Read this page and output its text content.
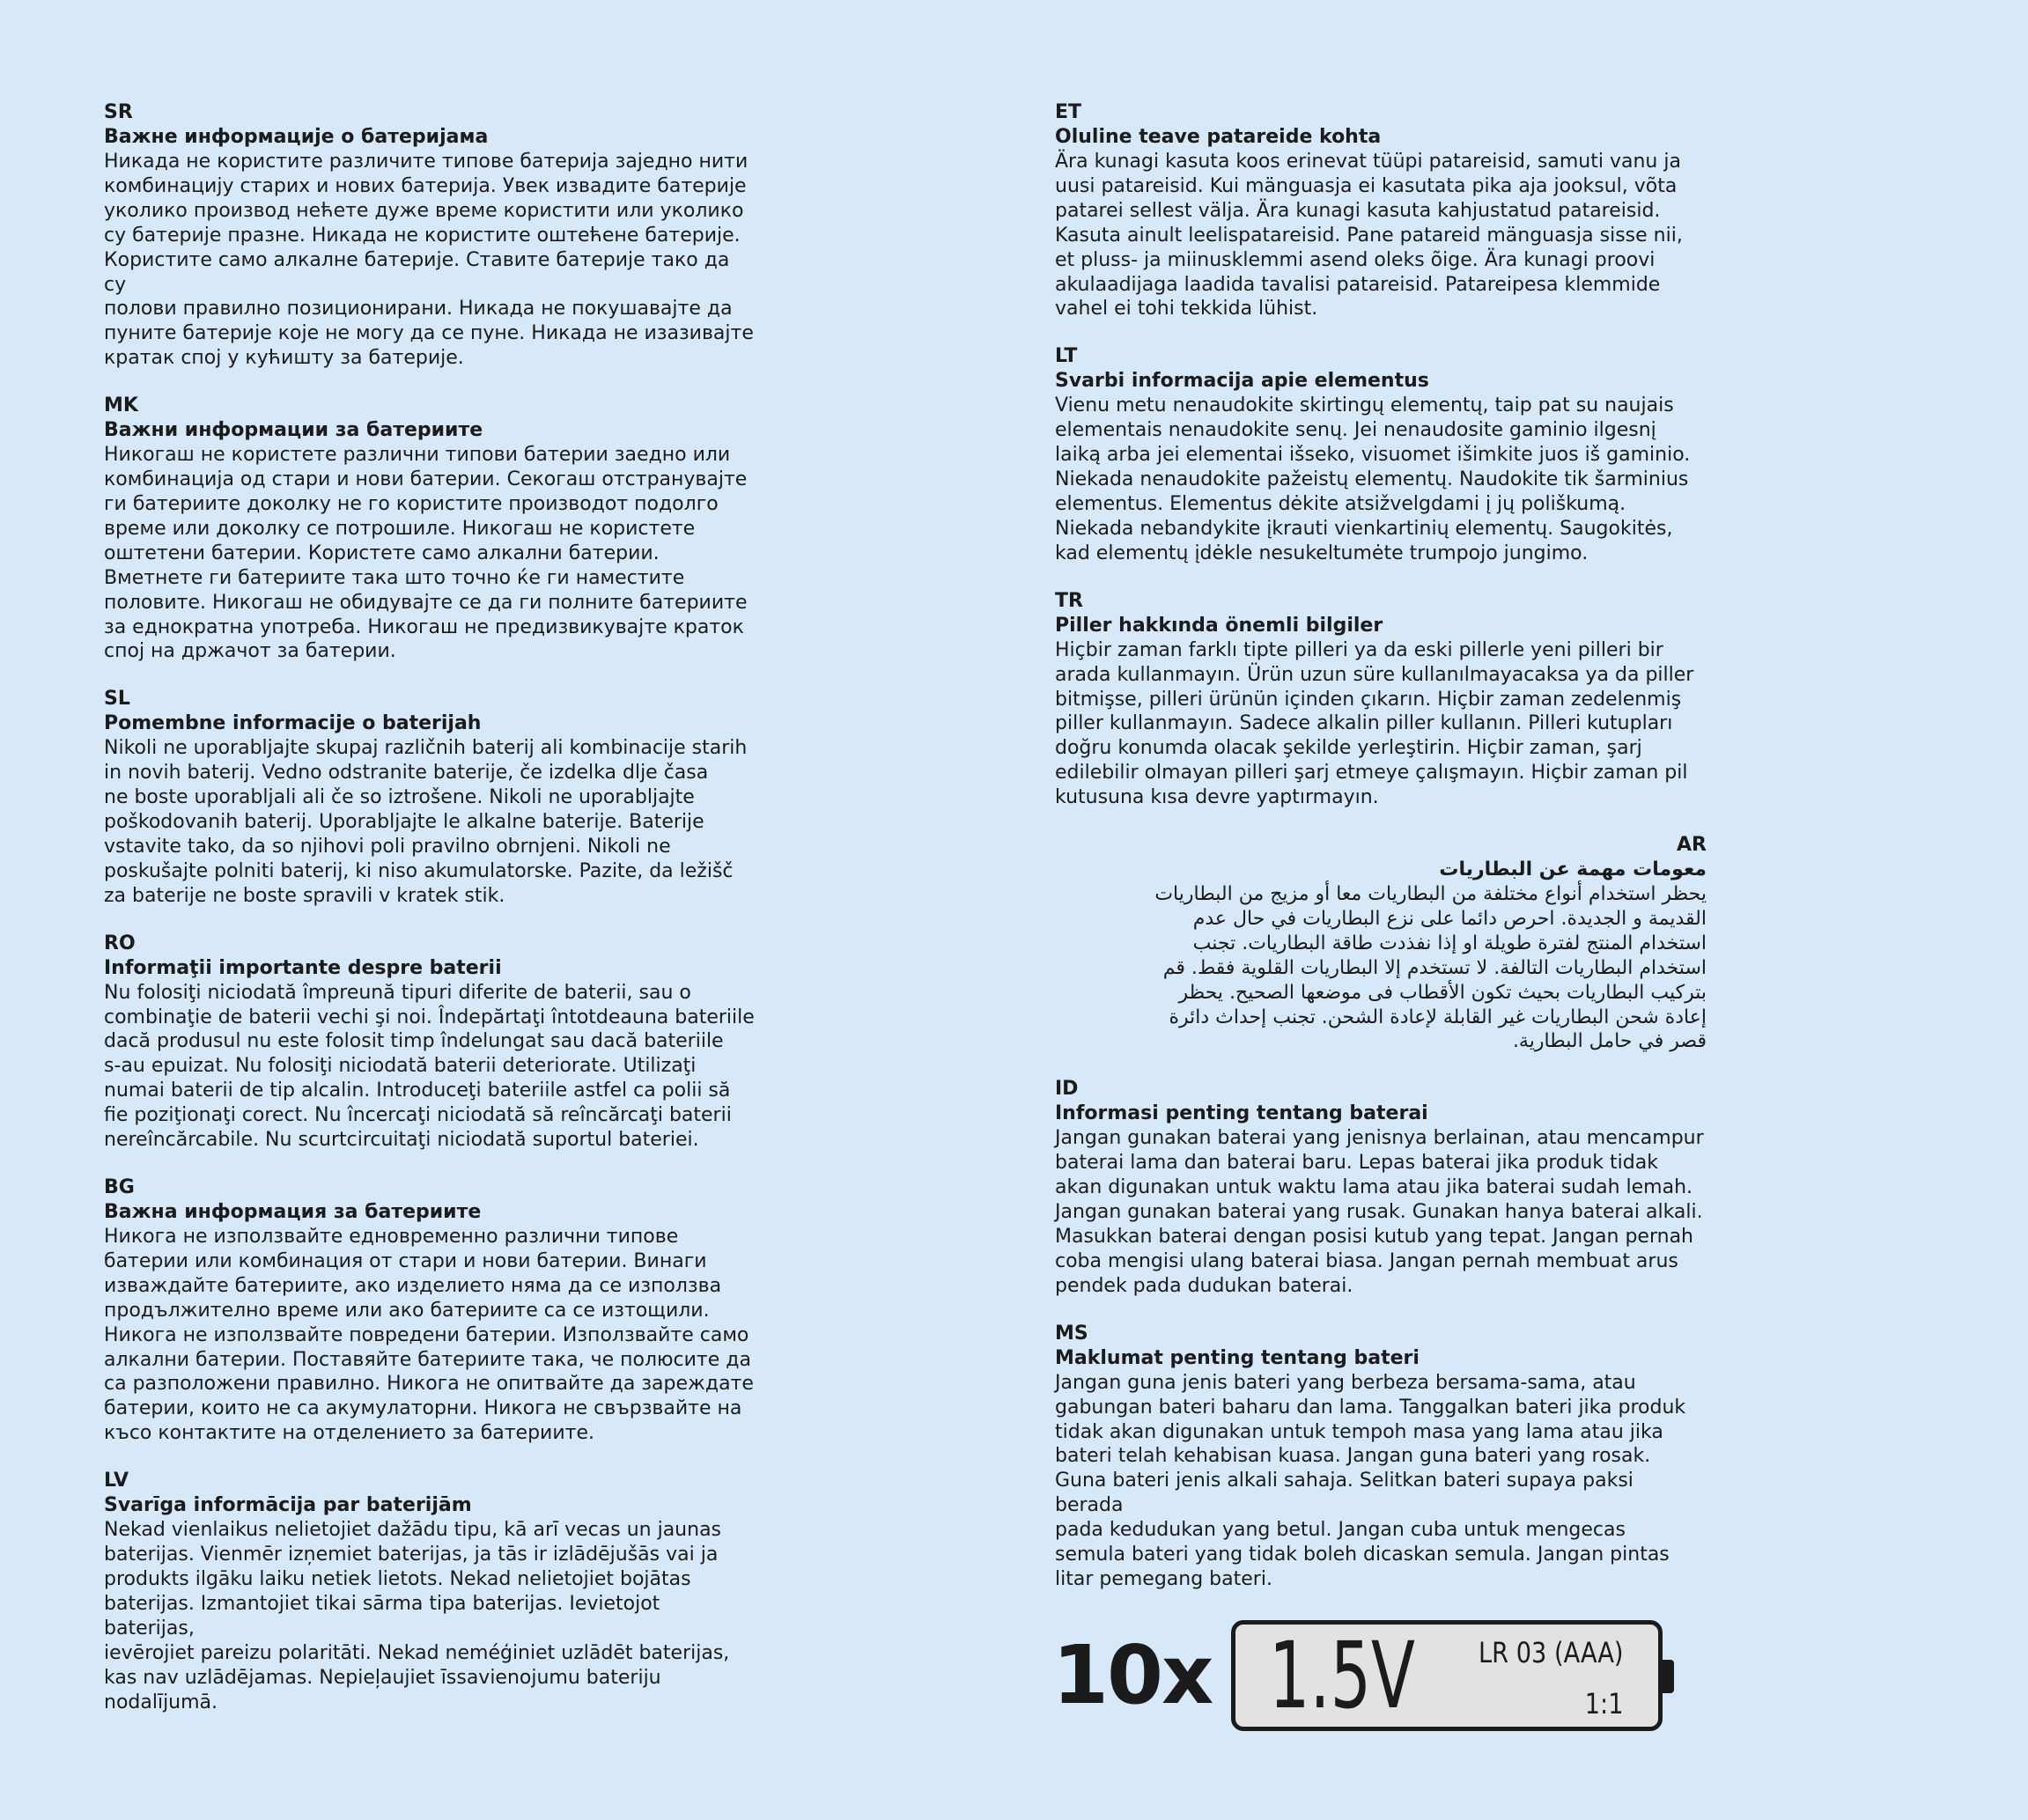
SR
Важне информације о батеријама
Никада не користите различите типове батерија заједно нити
комбинацију старих и нових батерија. Увек извадите батерије
уколико производ нећете дуже време користити или уколико
су батерије празне. Никада не користите оштећене батерије.
Користите само алкалне батерије. Ставите батерије тако да су
полови правилно позиционирани. Никада не покушавајте да
пуните батерије које не могу да се пуне. Никада не изазивајте
кратак спој у кућишту за батерије.
MK
Важни информации за батериите
Никогаш не користете различни типови батерии заедно или
комбинација од стари и нови батерии. Секогаш отстранувајте
ги батериите доколку не го користите производот подолго
време или доколку се потрошиле. Никогаш не користете
оштетени батерии. Користете само алкални батерии.
Вметнете ги батериите така што точно ќе ги наместите
половите. Никогаш не обидувајте се да ги полните батериите
за еднократна употреба. Никогаш не предизвикувајте краток
спој на држачот за батерии.
SL
Pomembne informacije o baterijah
Nikoli ne uporabljajte skupaj različnih baterij ali kombinacije starih
in novih baterij. Vedno odstranite baterije, če izdelka dlje časa
ne boste uporabljali ali če so iztrošene. Nikoli ne uporabljajte
poškodovanih baterij. Uporabljajte le alkalne baterije. Baterije
vstavite tako, da so njihovi poli pravilno obrnjeni. Nikoli ne
poskušajte polniti baterij, ki niso akumulatorske. Pazite, da ležišč
za baterije ne boste spravili v kratek stik.
RO
Informaţii importante despre baterii
Nu folosiţi niciodată împreună tipuri diferite de baterii, sau o
combinaţie de baterii vechi şi noi. Îndepărtaţi întotdeauna bateriile
dacă produsul nu este folosit timp îndelungat sau dacă bateriile
s-au epuizat. Nu folosiţi niciodată baterii deteriorate. Utilizaţi
numai baterii de tip alcalin. Introduceţi bateriile astfel ca polii să
fie poziţionaţi corect. Nu încercaţi niciodată să reîncărcaţi baterii
nereîncărcabile. Nu scurtcircuitaţi niciodată suportul bateriei.
BG
Важна информация за батериите
Никога не използвайте едновременно различни типове
батерии или комбинация от стари и нови батерии. Винаги
изваждайте батериите, ако изделието няма да се използва
продължително време или ако батериите са се изтощили.
Никога не използвайте повредени батерии. Използвайте само
алкални батерии. Поставяйте батериите така, че полюсите да
са разположени правилно. Никога не опитвайте да зареждате
батерии, които не са акумулаторни. Никога не свързвайте на
късо контактите на отделението за батериите.
LV
Svarīga informācija par baterijām
Nekad vienlaikus nelietojiet dažādu tipu, kā arī vecas un jaunas
baterijas. Vienmēr izņemiet baterijas, ja tās ir izlādējušās vai ja
produkts ilgāku laiku netiek lietots. Nekad nelietojiet bojātas
baterijas. Izmantojiet tikai sārma tipa baterijas. Ievietojot baterijas,
ievērojiet pareizu polaritāti. Nekad neméģiniet uzlādēt baterijas,
kas nav uzlādējamas. Nepieļaujiet īssavienojumu bateriju
nodalījumā.
ET
Oluline teave patareide kohta
Ära kunagi kasuta koos erinevat tüüpi patareisid, samuti vanu ja
uusi patareisid. Kui mänguasja ei kasutata pika aja jooksul, võta
patarei sellest välja. Ära kunagi kasuta kahjustatud patareisid.
Kasuta ainult leelispatareisid. Pane patareid mänguasja sisse nii,
et pluss- ja miinusklemmi asend oleks õige. Ära kunagi proovi
akulaadijaga laadida tavalisi patareisid. Patareipesa klemmide
vahel ei tohi tekkida lühist.
LT
Svarbi informacija apie elementus
Vienu metu nenaudokite skirtingų elementų, taip pat su naujais
elementais nenaudokite senų. Jei nenaudosite gaminio ilgesnį
laiką arba jei elementai išseko, visuomet išimkite juos iš gaminio.
Niekada nenaudokite pažeistų elementų. Naudokite tik šarminius
elementus. Elementus dėkite atsižvelgdami į jų poliškumą.
Niekada nebandykite įkrauti vienkartinių elementų. Saugokitės,
kad elementų įdėkle nesukeltumėte trumpojo jungimo.
TR
Piller hakkında önemli bilgiler
Hiçbir zaman farklı tipte pilleri ya da eski pillerle yeni pilleri bir
arada kullanmayın. Ürün uzun süre kullanılmayacaksa ya da piller
bitmişse, pilleri ürünün içinden çıkarın. Hiçbir zaman zedelenmiş
piller kullanmayın. Sadece alkalin piller kullanın. Pilleri kutupları
doğru konumda olacak şekilde yerleştirin. Hiçbir zaman, şarj
edilebilir olmayan pilleri şarj etmeye çalışmayın. Hiçbir zaman pil
kutusuna kısa devre yaptırmayın.
AR
معومات مهمة عن البطاريات
يحظر استخدام أنواع مختلفة من البطاريات معا أو مزيج من البطاريات
القديمة و الجديدة. احرص دائما على نزع البطاريات في حال عدم
استخدام المنتج لفترة طويلة او إذا نفذدت طاقة البطاريات. تجنب
استخدام البطاريات التالفة. لا تستخدم إلا البطاريات القلوية فقط. قم
بتركيب البطاريات بحيث تكون الأقطاب فى موضعها الصحيح. يحظر
إعادة شحن البطاريات غير القابلة لإعادة الشحن. تجنب إحداث دائرة
قصر في حامل البطارية.
ID
Informasi penting tentang baterai
Jangan gunakan baterai yang jenisnya berlainan, atau mencampur
baterai lama dan baterai baru. Lepas baterai jika produk tidak
akan digunakan untuk waktu lama atau jika baterai sudah lemah.
Jangan gunakan baterai yang rusak. Gunakan hanya baterai alkali.
Masukkan baterai dengan posisi kutub yang tepat. Jangan pernah
coba mengisi ulang baterai biasa. Jangan pernah membuat arus
pendek pada dudukan baterai.
MS
Maklumat penting tentang bateri
Jangan guna jenis bateri yang berbeza bersama-sama, atau
gabungan bateri baharu dan lama. Tanggalkan bateri jika produk
tidak akan digunakan untuk tempoh masa yang lama atau jika
bateri telah kehabisan kuasa. Jangan guna bateri yang rosak.
Guna bateri jenis alkali sahaja. Selitkan bateri supaya paksi berada
pada kedudukan yang betul. Jangan cuba untuk mengecas
semula bateri yang tidak boleh dicaskan semula. Jangan pintas
litar pemegang bateri.
10x 1.5V LR 03 (AAA)
1:1
